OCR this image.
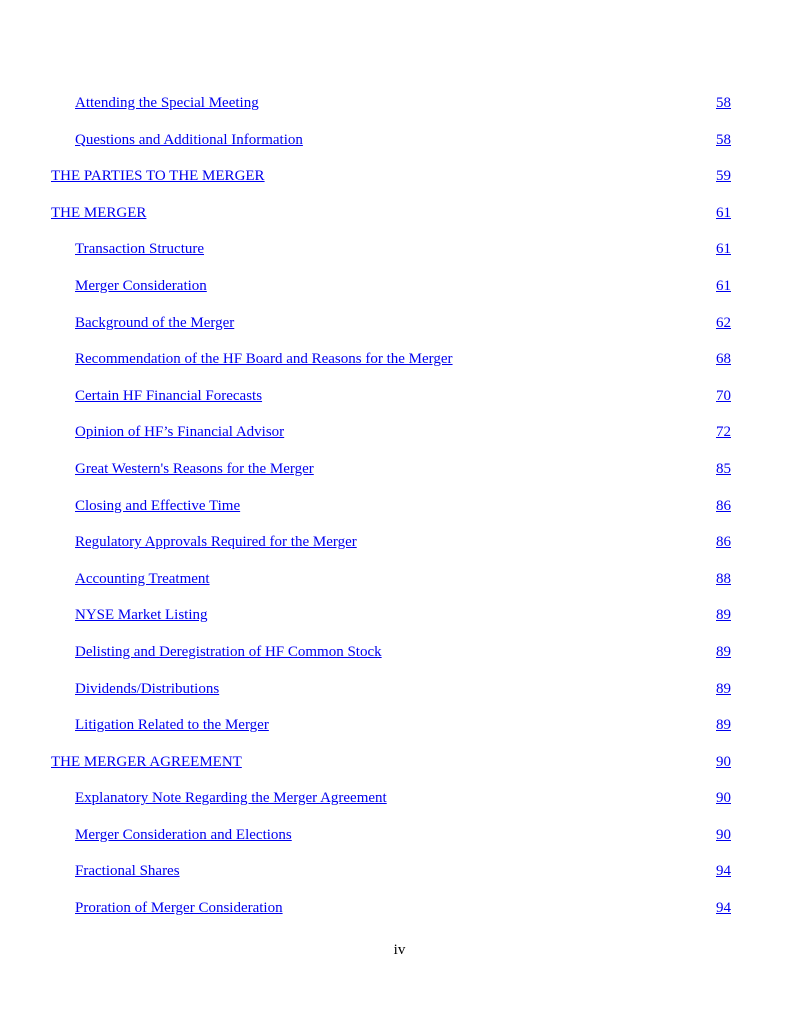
Attending the Special Meeting	58
Questions and Additional Information	58
THE PARTIES TO THE MERGER	59
THE MERGER	61
Transaction Structure	61
Merger Consideration	61
Background of the Merger	62
Recommendation of the HF Board and Reasons for the Merger	68
Certain HF Financial Forecasts	70
Opinion of HF’s Financial Advisor	72
Great Western's Reasons for the Merger	85
Closing and Effective Time	86
Regulatory Approvals Required for the Merger	86
Accounting Treatment	88
NYSE Market Listing	89
Delisting and Deregistration of HF Common Stock	89
Dividends/Distributions	89
Litigation Related to the Merger	89
THE MERGER AGREEMENT	90
Explanatory Note Regarding the Merger Agreement	90
Merger Consideration and Elections	90
Fractional Shares	94
Proration of Merger Consideration	94
iv
